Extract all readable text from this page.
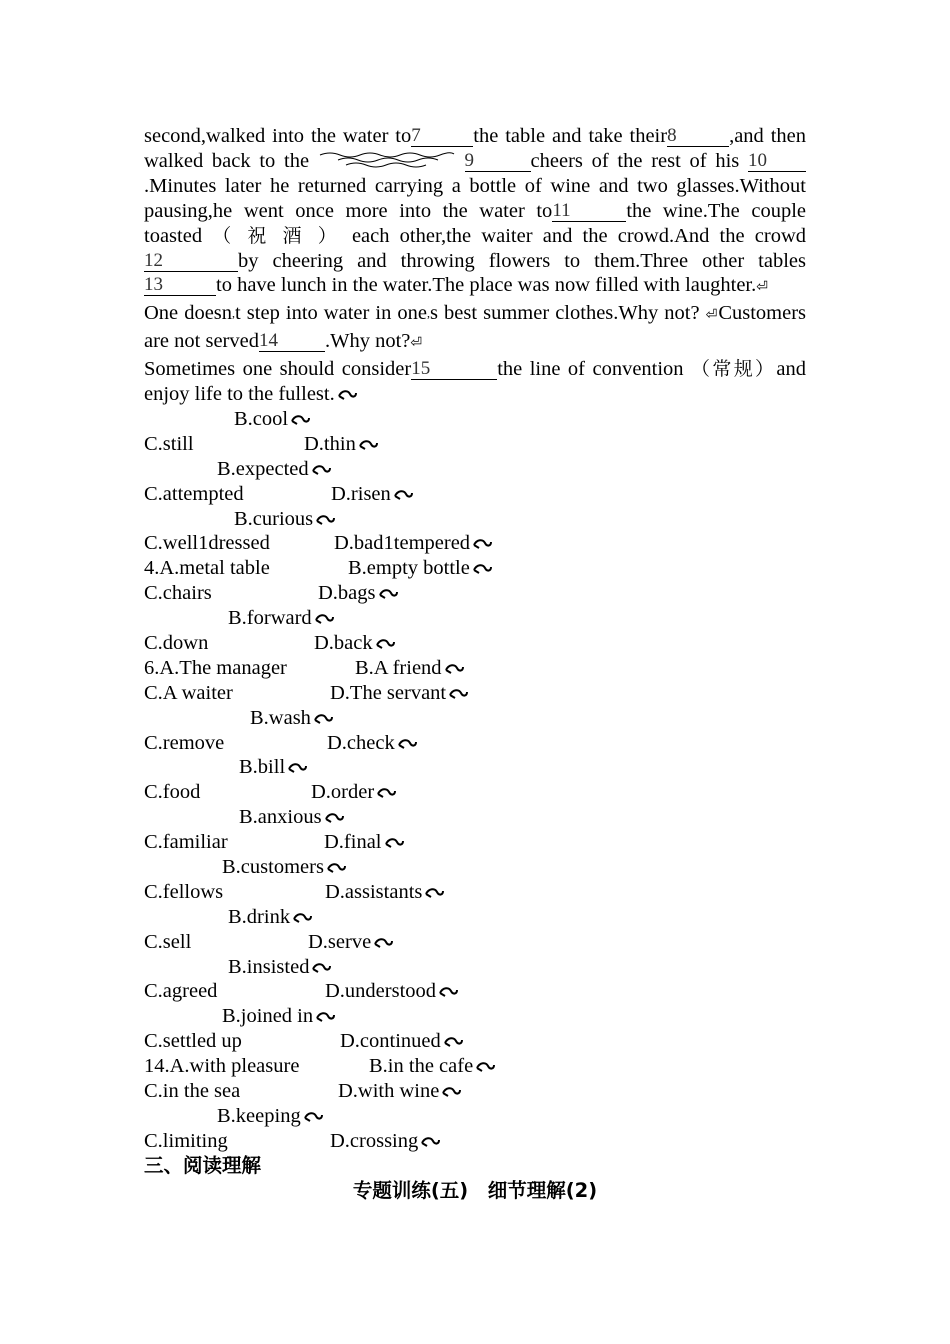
second,walked into the water to7	the table and take their8	,and then walked back to the	9	cheers of the rest of his 10.Minutes later he returned carrying a bottle of wine and two glasses.Without pausing,he went once more into the water to11	the wine.The couple toasted （ 祝 酒 ） each other,the waiter and the crowd.And the crowd12	by cheering and throwing flowers to them.Three other tables13	to have lunch in the water.The place was now filled with laughter.⏎

One doesn,t step into water in one,s best summer clothes.Why not? ⏎Customers are not served14 .Why not?⏎

Sometimes one should consider15	the line of convention （常规）and enjoy life to the fullest.

B.cool
C.still	D.thin
B.expected
C.attempted	D.risen
B.curious
C.well1dressed	D.bad1tempered
4.A.metal table	B.empty bottle
C.chairs	D.bags
B.forward
C.down	D.back
6.A.The manager	B.A friend
C.A waiter	D.The servant
B.wash
C.remove	D.check
B.bill
C.food	D.order
B.anxious
C.familiar	D.final
B.customers
C.fellows	D.assistants
B.drink
C.sell	D.serve
B.insisted
C.agreed	D.understood
B.joined in
C.settled up	D.continued
14.A.with pleasure	B.in the cafe
C.in the sea	D.with wine
B.keeping
C.limiting	D.crossing
三、阅读理解
专题训练(五)　细节理解(2)
